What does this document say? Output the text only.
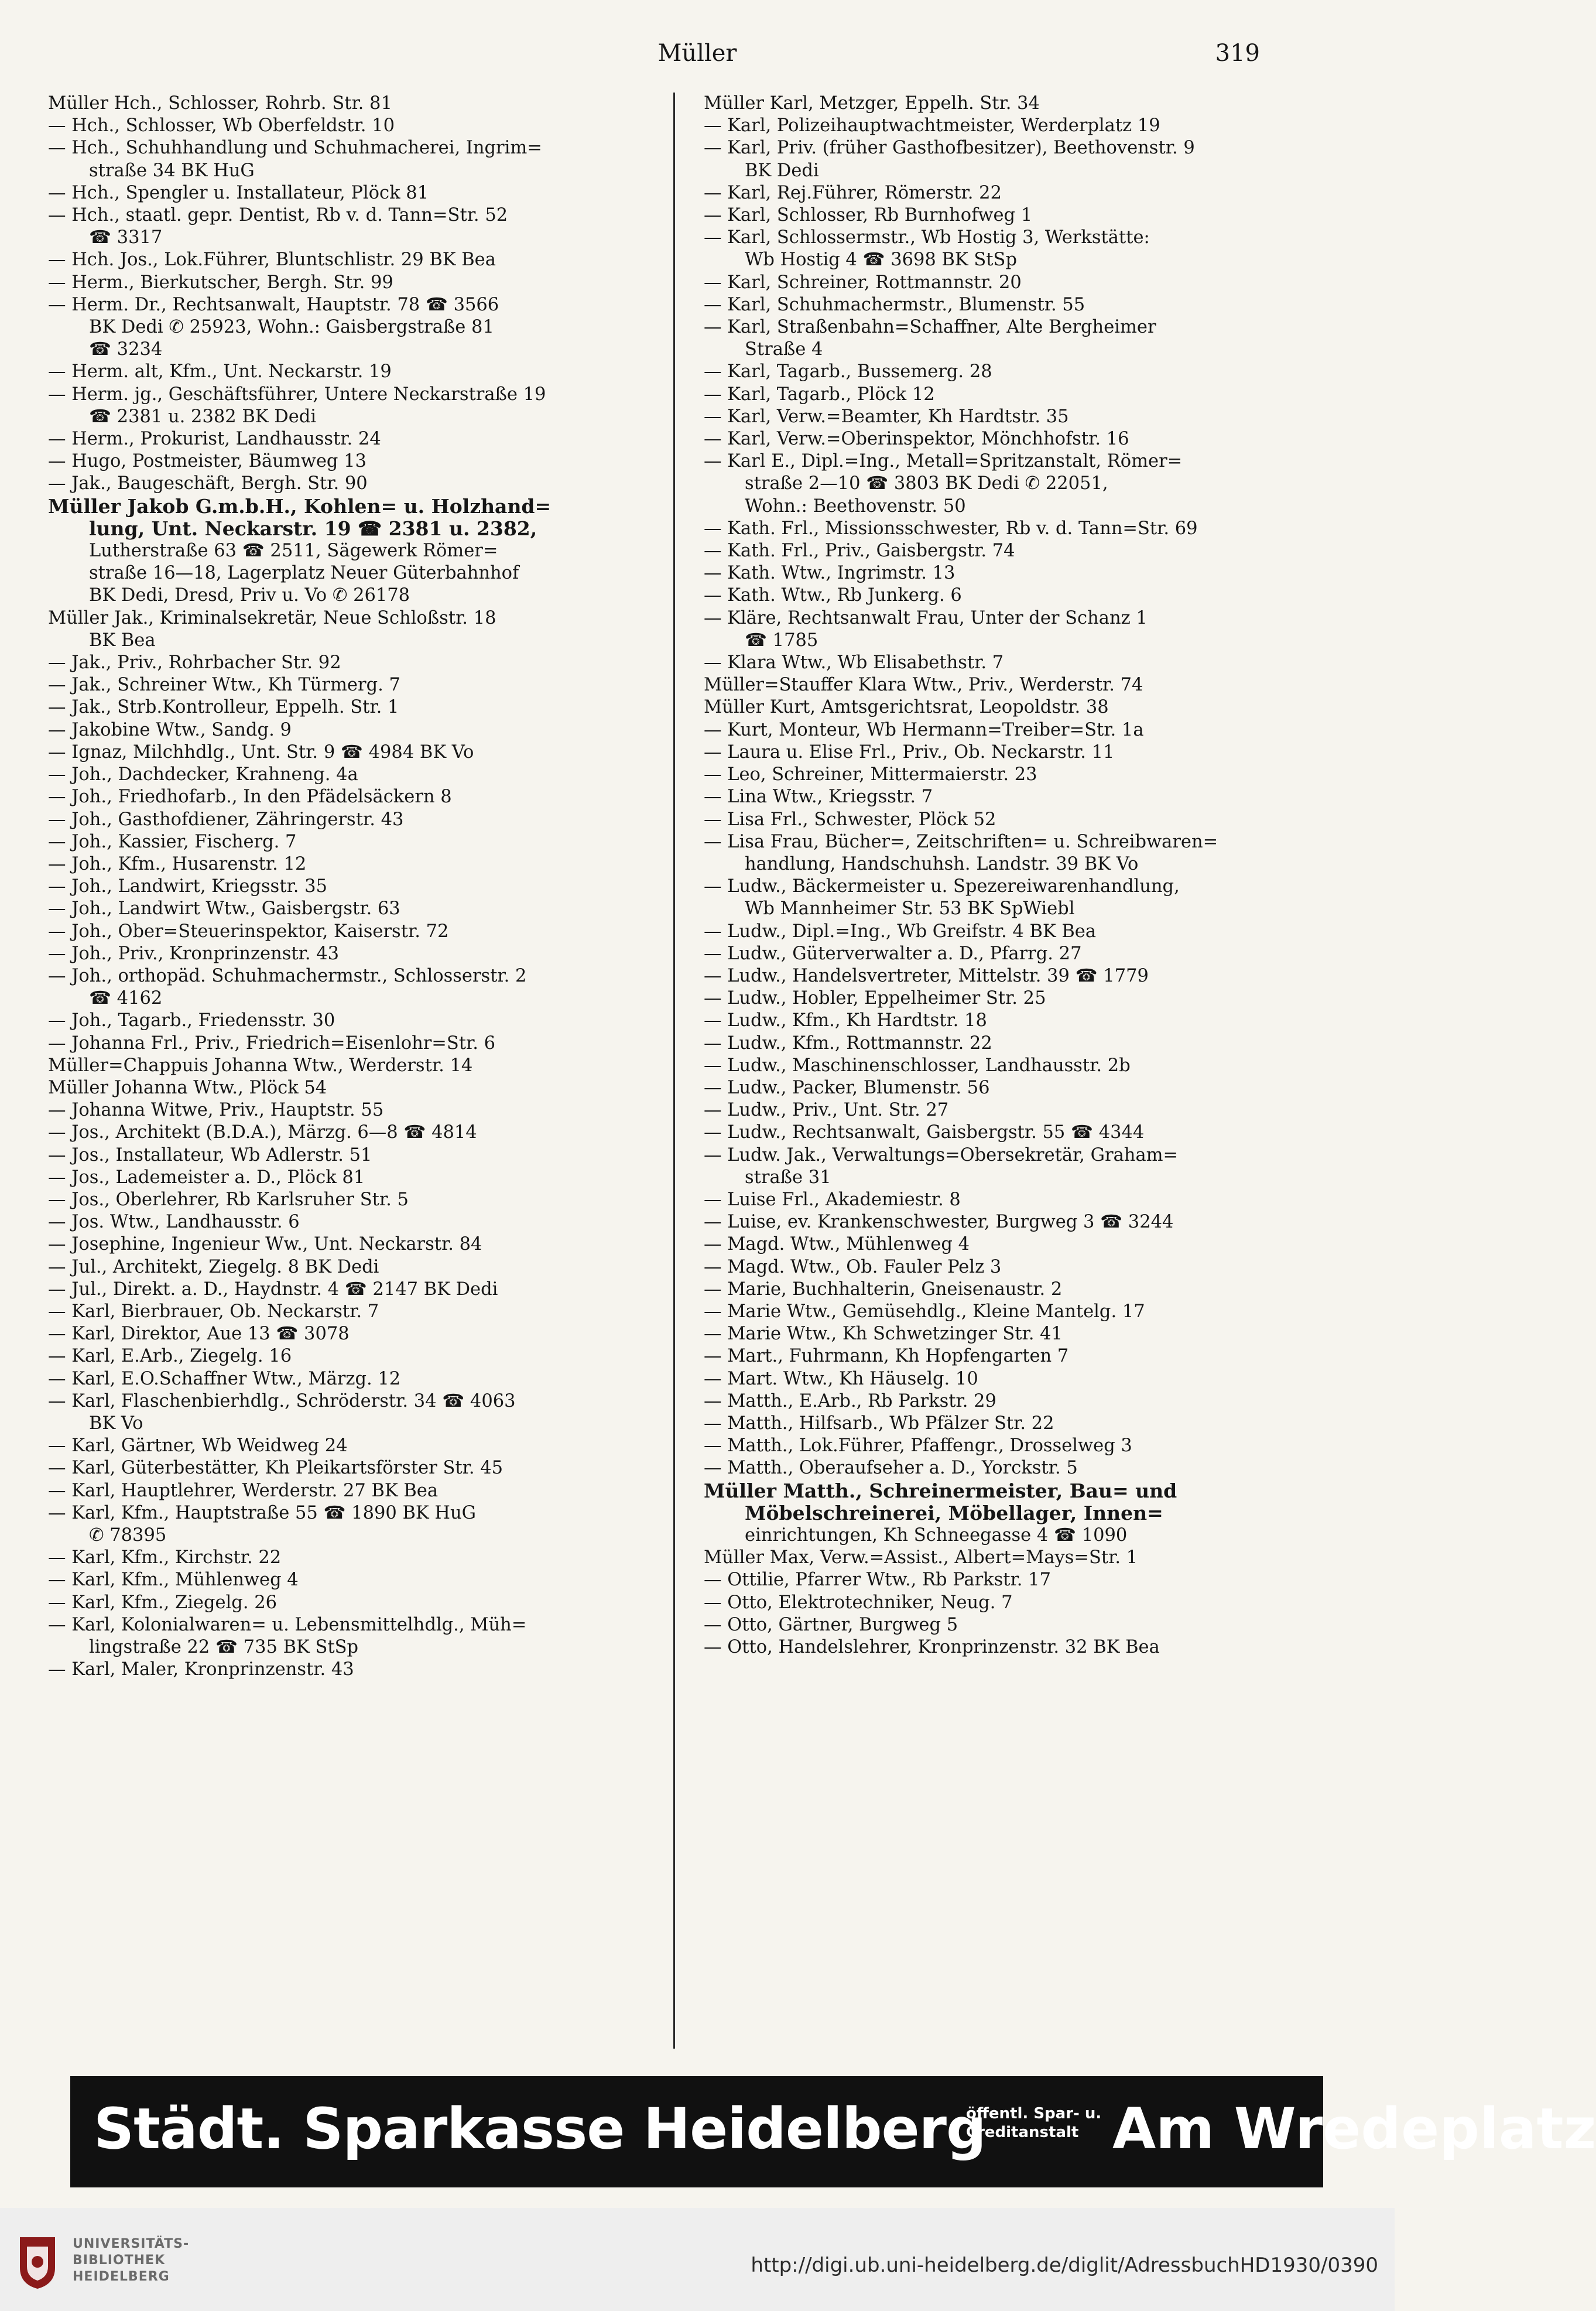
Müller	319
Müller Hch., Schlosser, Rohrb. Str. 81
— Hch., Schlosser, Wb Oberfeldstr. 10
— Hch., Schuhhandlung und Schuhmacherei, Ingrim=
straße 34 BK HuG
— Hch., Spengler u. Installateur, Plöck 81
— Hch., staatl. gepr. Dentist, Rb v. d. Tann=Str. 52
☎ 3317
— Hch. Jos., Lok.Führer, Bluntschlistr. 29 BK Bea
— Herm., Bierkutscher, Bergh. Str. 99
— Herm. Dr., Rechtsanwalt, Hauptstr. 78 ☎ 3566
BK Dedi ✆ 25923, Wohn.: Gaisbergstraße 81
☎ 3234
— Herm. alt, Kfm., Unt. Neckarstr. 19
— Herm. jg., Geschäftsführer, Untere Neckarstraße 19
☎ 2381 u. 2382 BK Dedi
— Herm., Prokurist, Landhausstr. 24
— Hugo, Postmeister, Bäumweg 13
— Jak., Baugeschäft, Bergh. Str. 90
Müller Jakob G.m.b.H., Kohlen= u. Holzhand=
lung, Unt. Neckarstr. 19 ☎ 2381 u. 2382,
Lutherstraße 63 ☎ 2511, Sägewerk Römer=
straße 16—18, Lagerplatz Neuer Güterbahnhof
BK Dedi, Dresd, Priv u. Vo ✆ 26178
Müller Jak., Kriminalsekretär, Neue Schloßstr. 18
BK Bea
— Jak., Priv., Rohrbacher Str. 92
— Jak., Schreiner Wtw., Kh Türmerg. 7
— Jak., Strb.Kontrolleur, Eppelh. Str. 1
— Jakobine Wtw., Sandg. 9
— Ignaz, Milchhdlg., Unt. Str. 9 ☎ 4984 BK Vo
— Joh., Dachdecker, Krahneng. 4a
— Joh., Friedhofarb., In den Pfädelsäckern 8
— Joh., Gasthofdiener, Zähringerstr. 43
— Joh., Kassier, Fischerg. 7
— Joh., Kfm., Husarenstr. 12
— Joh., Landwirt, Kriegsstr. 35
— Joh., Landwirt Wtw., Gaisbergstr. 63
— Joh., Ober=Steuerinspektor, Kaiserstr. 72
— Joh., Priv., Kronprinzenstr. 43
— Joh., orthopäd. Schuhmachermstr., Schlosserstr. 2
☎ 4162
— Joh., Tagarb., Friedensstr. 30
— Johanna Frl., Priv., Friedrich=Eisenlohr=Str. 6
Müller=Chappuis Johanna Wtw., Werderstr. 14
Müller Johanna Wtw., Plöck 54
— Johanna Witwe, Priv., Hauptstr. 55
— Jos., Architekt (B.D.A.), Märzg. 6—8 ☎ 4814
— Jos., Installateur, Wb Adlerstr. 51
— Jos., Lademeister a. D., Plöck 81
— Jos., Oberlehrer, Rb Karlsruher Str. 5
— Jos. Wtw., Landhausstr. 6
— Josephine, Ingenieur Ww., Unt. Neckarstr. 84
— Jul., Architekt, Ziegelg. 8 BK Dedi
— Jul., Direkt. a. D., Haydnstr. 4 ☎ 2147 BK Dedi
— Karl, Bierbrauer, Ob. Neckarstr. 7
— Karl, Direktor, Aue 13 ☎ 3078
— Karl, E.Arb., Ziegelg. 16
— Karl, E.O.Schaffner Wtw., Märzg. 12
— Karl, Flaschenbierhdlg., Schröderstr. 34 ☎ 4063
BK Vo
— Karl, Gärtner, Wb Weidweg 24
— Karl, Güterbestätter, Kh Pleikartsförster Str. 45
— Karl, Hauptlehrer, Werderstr. 27 BK Bea
— Karl, Kfm., Hauptstraße 55 ☎ 1890 BK HuG
✆ 78395
— Karl, Kfm., Kirchstr. 22
— Karl, Kfm., Mühlenweg 4
— Karl, Kfm., Ziegelg. 26
— Karl, Kolonialwaren= u. Lebensmittelhdlg., Müh=
lingstraße 22 ☎ 735 BK StSp
— Karl, Maler, Kronprinzenstr. 43
Müller Karl, Metzger, Eppelh. Str. 34
— Karl, Polizeihauptwachtmeister, Werderplatz 19
— Karl, Priv. (früher Gasthofbesitzer), Beethovenstr. 9
BK Dedi
— Karl, Rej.Führer, Römerstr. 22
— Karl, Schlosser, Rb Burnhofweg 1
— Karl, Schlossermstr., Wb Hostig 3, Werkstätte:
Wb Hostig 4 ☎ 3698 BK StSp
— Karl, Schreiner, Rottmannstr. 20
— Karl, Schuhmachermstr., Blumenstr. 55
— Karl, Straßenbahn=Schaffner, Alte Bergheimer
Straße 4
— Karl, Tagarb., Bussemerg. 28
— Karl, Tagarb., Plöck 12
— Karl, Verw.=Beamter, Kh Hardtstr. 35
— Karl, Verw.=Oberinspektor, Mönchhofstr. 16
— Karl E., Dipl.=Ing., Metall=Spritzanstalt, Römer=
straße 2—10 ☎ 3803 BK Dedi ✆ 22051,
Wohn.: Beethovenstr. 50
— Kath. Frl., Missionsschwester, Rb v. d. Tann=Str. 69
— Kath. Frl., Priv., Gaisbergstr. 74
— Kath. Wtw., Ingrimstr. 13
— Kath. Wtw., Rb Junkerg. 6
— Kläre, Rechtsanwalt Frau, Unter der Schanz 1
☎ 1785
— Klara Wtw., Wb Elisabethstr. 7
Müller=Stauffer Klara Wtw., Priv., Werderstr. 74
Müller Kurt, Amtsgerichtsrat, Leopoldstr. 38
— Kurt, Monteur, Wb Hermann=Treiber=Str. 1a
— Laura u. Elise Frl., Priv., Ob. Neckarstr. 11
— Leo, Schreiner, Mittermaierstr. 23
— Lina Wtw., Kriegsstr. 7
— Lisa Frl., Schwester, Plöck 52
— Lisa Frau, Bücher=, Zeitschriften= u. Schreibwaren=
handlung, Handschuhsh. Landstr. 39 BK Vo
— Ludw., Bäckermeister u. Spezereiwarenhandlung,
Wb Mannheimer Str. 53 BK SpWiebl
— Ludw., Dipl.=Ing., Wb Greifstr. 4 BK Bea
— Ludw., Güterverwalter a. D., Pfarrg. 27
— Ludw., Handelsvertreter, Mittelstr. 39 ☎ 1779
— Ludw., Hobler, Eppelheimer Str. 25
— Ludw., Kfm., Kh Hardtstr. 18
— Ludw., Kfm., Rottmannstr. 22
— Ludw., Maschinenschlosser, Landhausstr. 2b
— Ludw., Packer, Blumenstr. 56
— Ludw., Priv., Unt. Str. 27
— Ludw., Rechtsanwalt, Gaisbergstr. 55 ☎ 4344
— Ludw. Jak., Verwaltungs=Obersekretär, Graham=
straße 31
— Luise Frl., Akademiestr. 8
— Luise, ev. Krankenschwester, Burgweg 3 ☎ 3244
— Magd. Wtw., Mühlenweg 4
— Magd. Wtw., Ob. Fauler Pelz 3
— Marie, Buchhalterin, Gneisenaustr. 2
— Marie Wtw., Gemüsehdlg., Kleine Mantelg. 17
— Marie Wtw., Kh Schwetzinger Str. 41
— Mart., Fuhrmann, Kh Hopfengarten 7
— Mart. Wtw., Kh Häuselg. 10
— Matth., E.Arb., Rb Parkstr. 29
— Matth., Hilfsarb., Wb Pfälzer Str. 22
— Matth., Lok.Führer, Pfaffengr., Drosselweg 3
— Matth., Oberaufseher a. D., Yorckstr. 5
Müller Matth., Schreinermeister, Bau= und
Möbelschreinerei, Möbellager, Innen=
einrichtungen, Kh Schneegasse 4 ☎ 1090
Müller Max, Verw.=Assist., Albert=Mays=Str. 1
— Ottilie, Pfarrer Wtw., Rb Parkstr. 17
— Otto, Elektrotechniker, Neug. 7
— Otto, Gärtner, Burgweg 5
— Otto, Handelslehrer, Kronprinzenstr. 32 BK Bea
Städt. Sparkasse Heidelberg
öffentl. Spar- u.
Creditanstalt Am Wredeplatz
UNIVERSITÄTS-
BIBLIOTHEK
HEIDELBERG	http://digi.ub.uni-heidelberg.de/diglit/AdressbuchHD1930/0390
